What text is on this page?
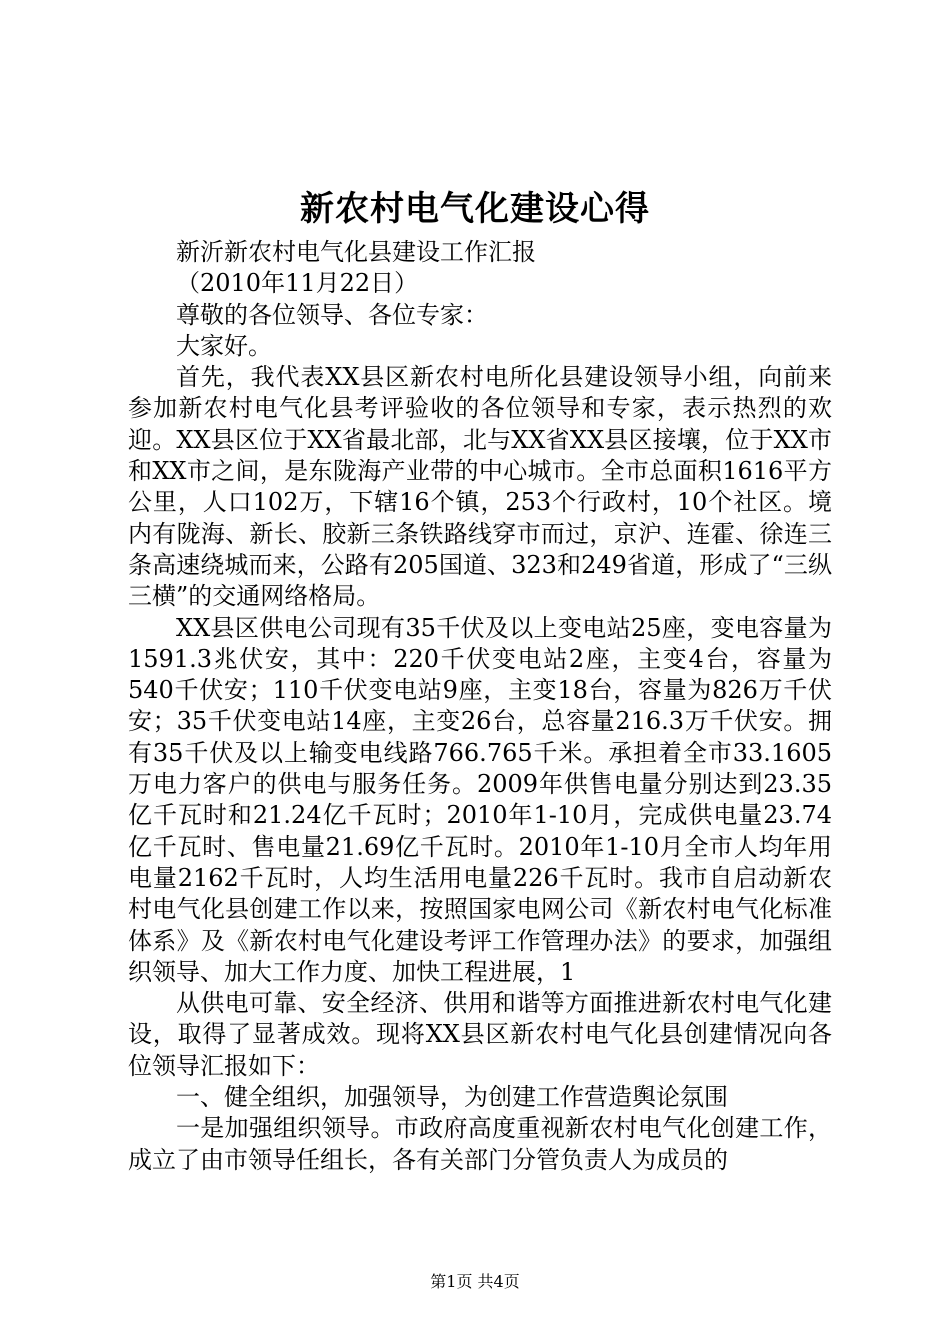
新农村电气化建设心得

新沂新农村电气化县建设工作汇报

（2010年11月22日）

尊敬的各位领导、各位专家：

大家好。

首先，我代表XX县区新农村电所化县建设领导小组，向前来参加新农村电气化县考评验收的各位领导和专家，表示热烈的欢迎。XX县区位于XX省最北部，北与XX省XX县区接壤，位于XX市和XX市之间，是东陇海产业带的中心城市。全市总面积1616平方公里，人口102万，下辖16个镇，253个行政村，10个社区。境内有陇海、新长、胶新三条铁路线穿市而过，京沪、连霍、徐连三条高速绕城而来，公路有205国道、323和249省道，形成了“三纵三横”的交通网络格局。

XX县区供电公司现有35千伏及以上变电站25座，变电容量为1591.3兆伏安，其中：220千伏变电站2座，主变4台，容量为540千伏安；110千伏变电站9座，主变18台，容量为826万千伏安；35千伏变电站14座，主变26台，总容量216.3万千伏安。拥有35千伏及以上输变电线路766.765千米。承担着全市33.1605万电力客户的供电与服务任务。2009年供售电量分别达到23.35亿千瓦时和21.24亿千瓦时；2010年1-10月，完成供电量23.74亿千瓦时、售电量21.69亿千瓦时。2010年1-10月全市人均年用电量2162千瓦时，人均生活用电量226千瓦时。我市自启动新农村电气化县创建工作以来，按照国家电网公司《新农村电气化标准体系》及《新农村电气化建设考评工作管理办法》的要求，加强组织领导、加大工作力度、加快工程进展，1

从供电可靠、安全经济、供用和谐等方面推进新农村电气化建设，取得了显著成效。现将XX县区新农村电气化县创建情况向各位领导汇报如下：

一、健全组织，加强领导，为创建工作营造舆论氛围

一是加强组织领导。市政府高度重视新农村电气化创建工作，成立了由市领导任组长，各有关部门分管负责人为成员的

第1页 共4页
